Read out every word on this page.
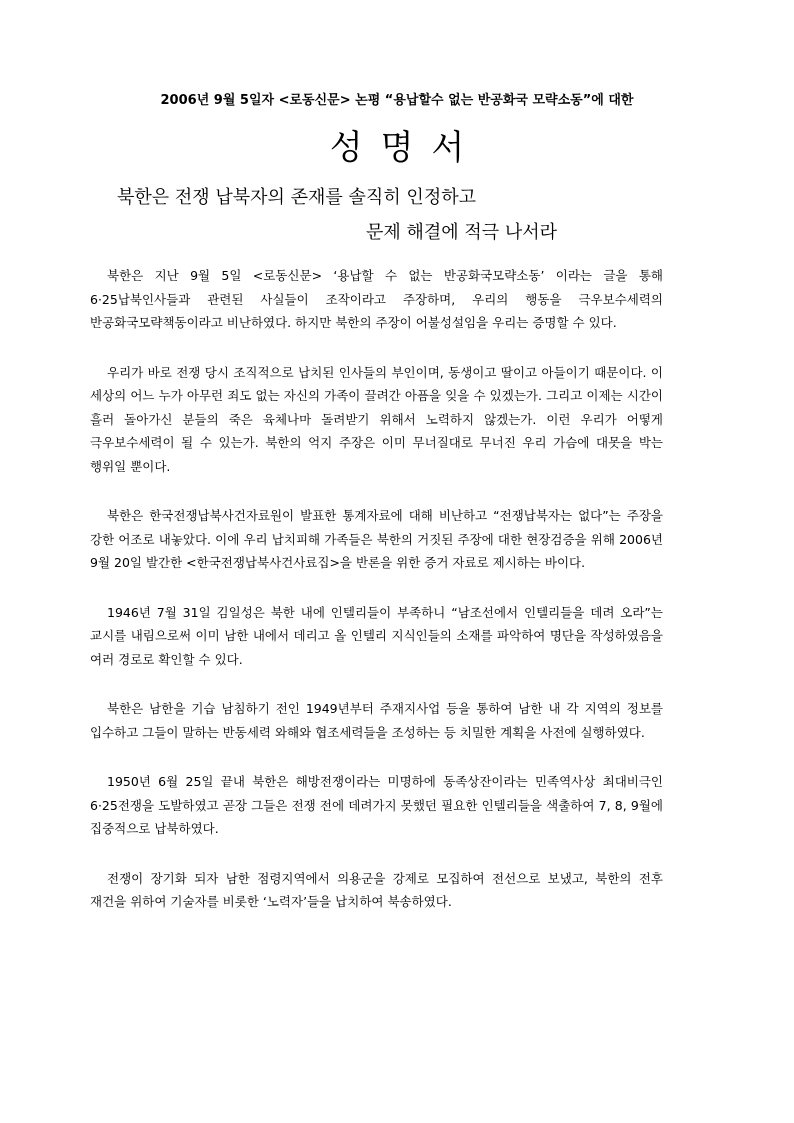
2006년 9월 5일자 <로동신문> 논평 “용납할수 없는 반공화국 모략소동”에 대한
성명서
북한은 전쟁 납북자의 존재를 솔직히 인정하고
문제 해결에 적극 나서라

북한은 지난 9월 5일 <로동신문> ‘용납할 수 없는 반공화국모략소동’ 이라는 글을 통해 6·25납북인사들과 관련된 사실들이 조작이라고 주장하며, 우리의 행동을 극우보수세력의 반공화국모략책동이라고 비난하였다. 하지만 북한의 주장이 어불성설임을 우리는 증명할 수 있다.

우리가 바로 전쟁 당시 조직적으로 납치된 인사들의 부인이며, 동생이고 딸이고 아들이기 때문이다. 이 세상의 어느 누가 아무런 죄도 없는 자신의 가족이 끌려간 아픔을 잊을 수 있겠는가. 그리고 이제는 시간이 흘러 돌아가신 분들의 죽은 육체나마 돌려받기 위해서 노력하지 않겠는가. 이런 우리가 어떻게 극우보수세력이 될 수 있는가. 북한의 억지 주장은 이미 무너질대로 무너진 우리 가슴에 대못을 박는 행위일 뿐이다.

북한은 한국전쟁납북사건자료원이 발표한 통계자료에 대해 비난하고 “전쟁납북자는 없다”는 주장을 강한 어조로 내놓았다. 이에 우리 납치피해 가족들은 북한의 거짓된 주장에 대한 현장검증을 위해 2006년 9월 20일 발간한 <한국전쟁납북사건사료집>을 반론을 위한 증거 자료로 제시하는 바이다.

1946년 7월 31일 김일성은 북한 내에 인텔리들이 부족하니 “남조선에서 인텔리들을 데려 오라”는 교시를 내림으로써 이미 남한 내에서 데리고 올 인텔리 지식인들의 소재를 파악하여 명단을 작성하였음을 여러 경로로 확인할 수 있다.

북한은 남한을 기습 남침하기 전인 1949년부터 주재지사업 등을 통하여 남한 내 각 지역의 정보를 입수하고 그들이 말하는 반동세력 와해와 협조세력들을 조성하는 등 치밀한 계획을 사전에 실행하였다.

1950년 6월 25일 끝내 북한은 해방전쟁이라는 미명하에 동족상잔이라는 민족역사상 최대비극인 6·25전쟁을 도발하였고 곧장 그들은 전쟁 전에 데려가지 못했던 필요한 인텔리들을 색출하여 7, 8, 9월에 집중적으로 납북하였다.

전쟁이 장기화 되자 남한 점령지역에서 의용군을 강제로 모집하여 전선으로 보냈고, 북한의 전후 재건을 위하여 기술자를 비롯한 ‘노력자’들을 납치하여 북송하였다.
